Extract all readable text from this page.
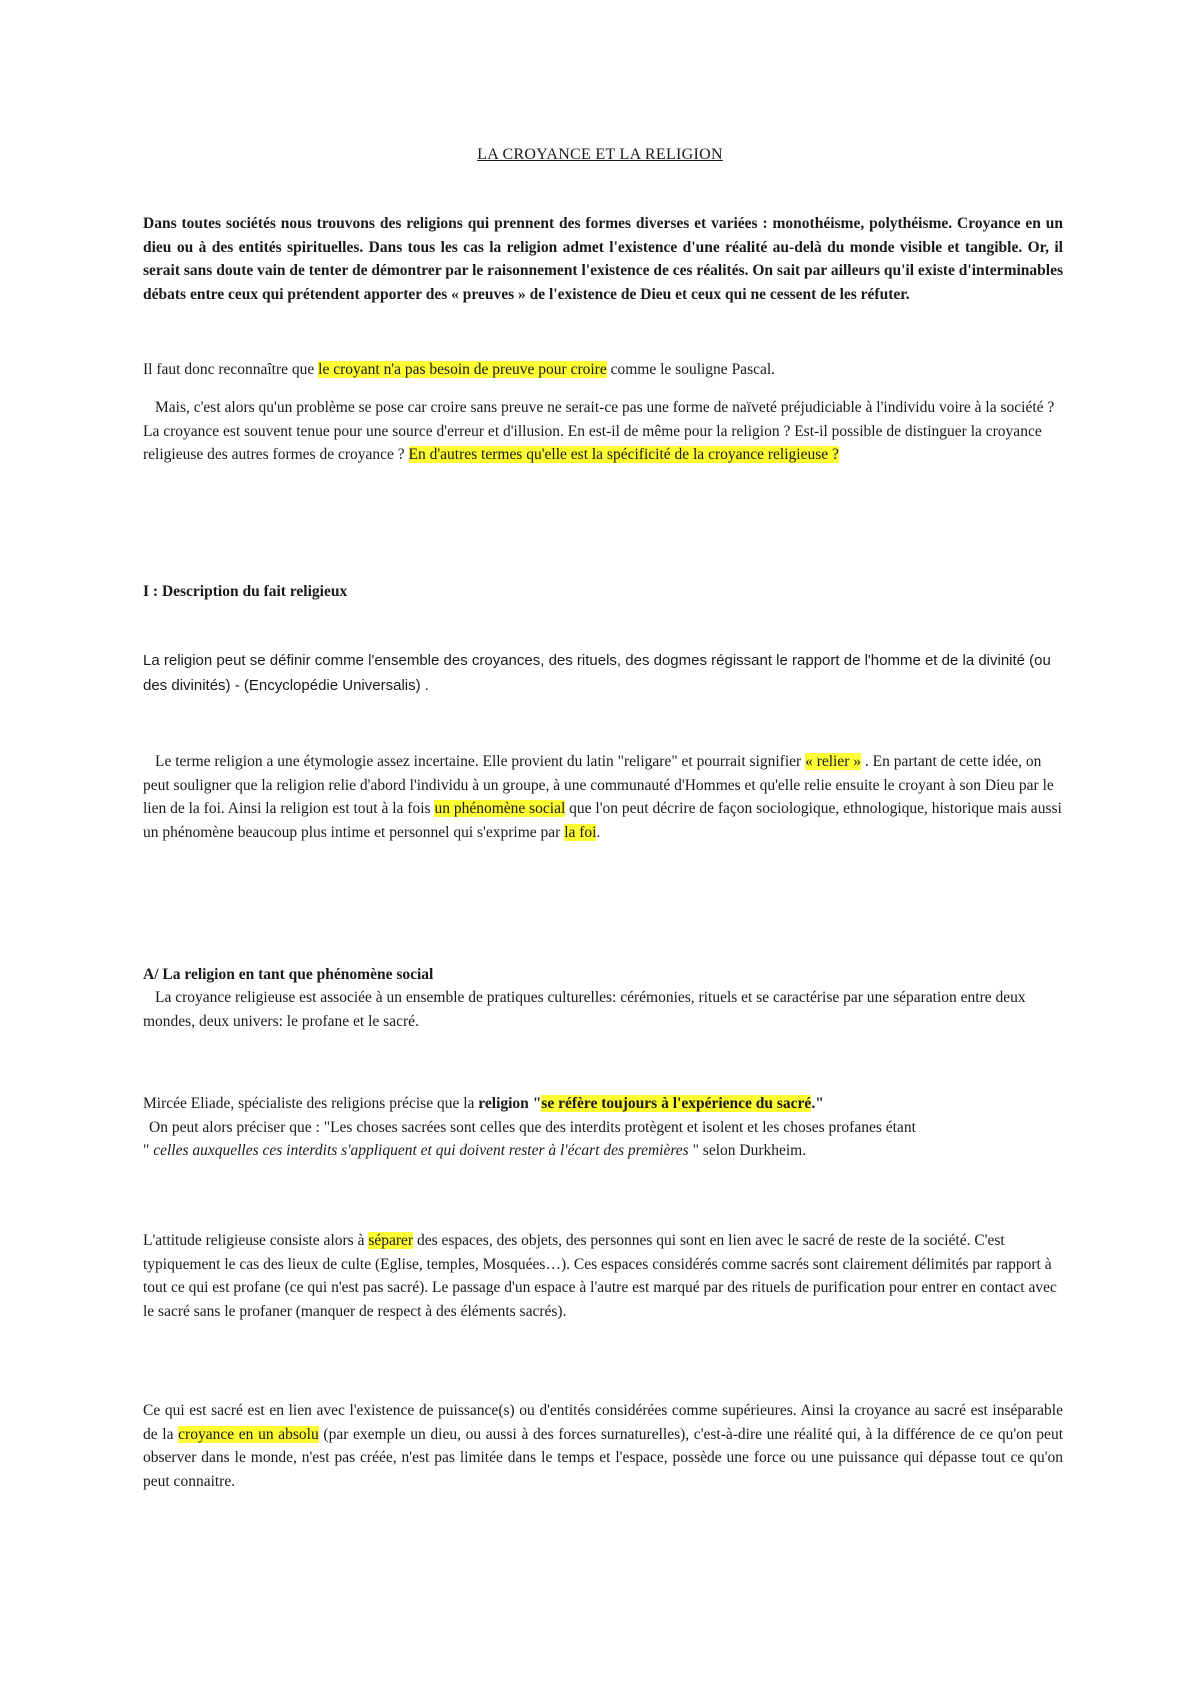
LA CROYANCE ET LA RELIGION
Dans toutes sociétés nous trouvons des religions qui prennent des formes diverses et variées : monothéisme, polythéisme. Croyance en un dieu ou à des entités spirituelles. Dans tous les cas la religion admet l'existence d'une réalité au-delà du monde visible et tangible. Or, il serait sans doute vain de tenter de démontrer par le raisonnement l'existence de ces réalités. On sait par ailleurs qu'il existe d'interminables débats entre ceux qui prétendent apporter des « preuves » de l'existence de Dieu et ceux qui ne cessent de les réfuter.
Il faut donc reconnaître que le croyant n'a pas besoin de preuve pour croire comme le souligne Pascal.
Mais, c'est alors qu'un problème se pose car croire sans preuve ne serait-ce pas une forme de naïveté préjudiciable à l'individu voire à la société ? La croyance est souvent tenue pour une source d'erreur et d'illusion. En est-il de même pour la religion ? Est-il possible de distinguer la croyance religieuse des autres formes de croyance ? En d'autres termes qu'elle est la spécificité de la croyance religieuse ?
I : Description du fait religieux
La religion peut se définir comme l'ensemble des croyances, des rituels, des dogmes régissant le rapport de l'homme et de la divinité (ou des divinités) - (Encyclopédie Universalis) .
Le terme religion a une étymologie assez incertaine. Elle provient du latin "religare" et pourrait signifier « relier » . En partant de cette idée, on peut souligner que la religion relie d'abord l'individu à un groupe, à une communauté d'Hommes et qu'elle relie ensuite le croyant à son Dieu par le lien de la foi. Ainsi la religion est tout à la fois un phénomène social que l'on peut décrire de façon sociologique, ethnologique, historique mais aussi un phénomène beaucoup plus intime et personnel qui s'exprime par la foi.
A/ La religion en tant que phénomène social
La croyance religieuse est associée à un ensemble de pratiques culturelles: cérémonies, rituels et se caractérise par une séparation entre deux mondes, deux univers: le profane et le sacré.
Mircée Eliade, spécialiste des religions précise que la religion "se réfère toujours à l'expérience du sacré."
On peut alors préciser que : "Les choses sacrées sont celles que des interdits protègent et isolent et les choses profanes étant
" celles auxquelles ces interdits s'appliquent et qui doivent rester à l'écart des premières " selon Durkheim.
L'attitude religieuse consiste alors à séparer des espaces, des objets, des personnes qui sont en lien avec le sacré de reste de la société. C'est typiquement le cas des lieux de culte (Eglise, temples, Mosquées…). Ces espaces considérés comme sacrés sont clairement délimités par rapport à tout ce qui est profane (ce qui n'est pas sacré). Le passage d'un espace à l'autre est marqué par des rituels de purification pour entrer en contact avec le sacré sans le profaner (manquer de respect à des éléments sacrés).
Ce qui est sacré est en lien avec l'existence de puissance(s) ou d'entités considérées comme supérieures. Ainsi la croyance au sacré est inséparable de la croyance en un absolu (par exemple un dieu, ou aussi à des forces surnaturelles), c'est-à-dire une réalité qui, à la différence de ce qu'on peut observer dans le monde, n'est pas créée, n'est pas limitée dans le temps et l'espace, possède une force ou une puissance qui dépasse tout ce qu'on peut connaitre.
